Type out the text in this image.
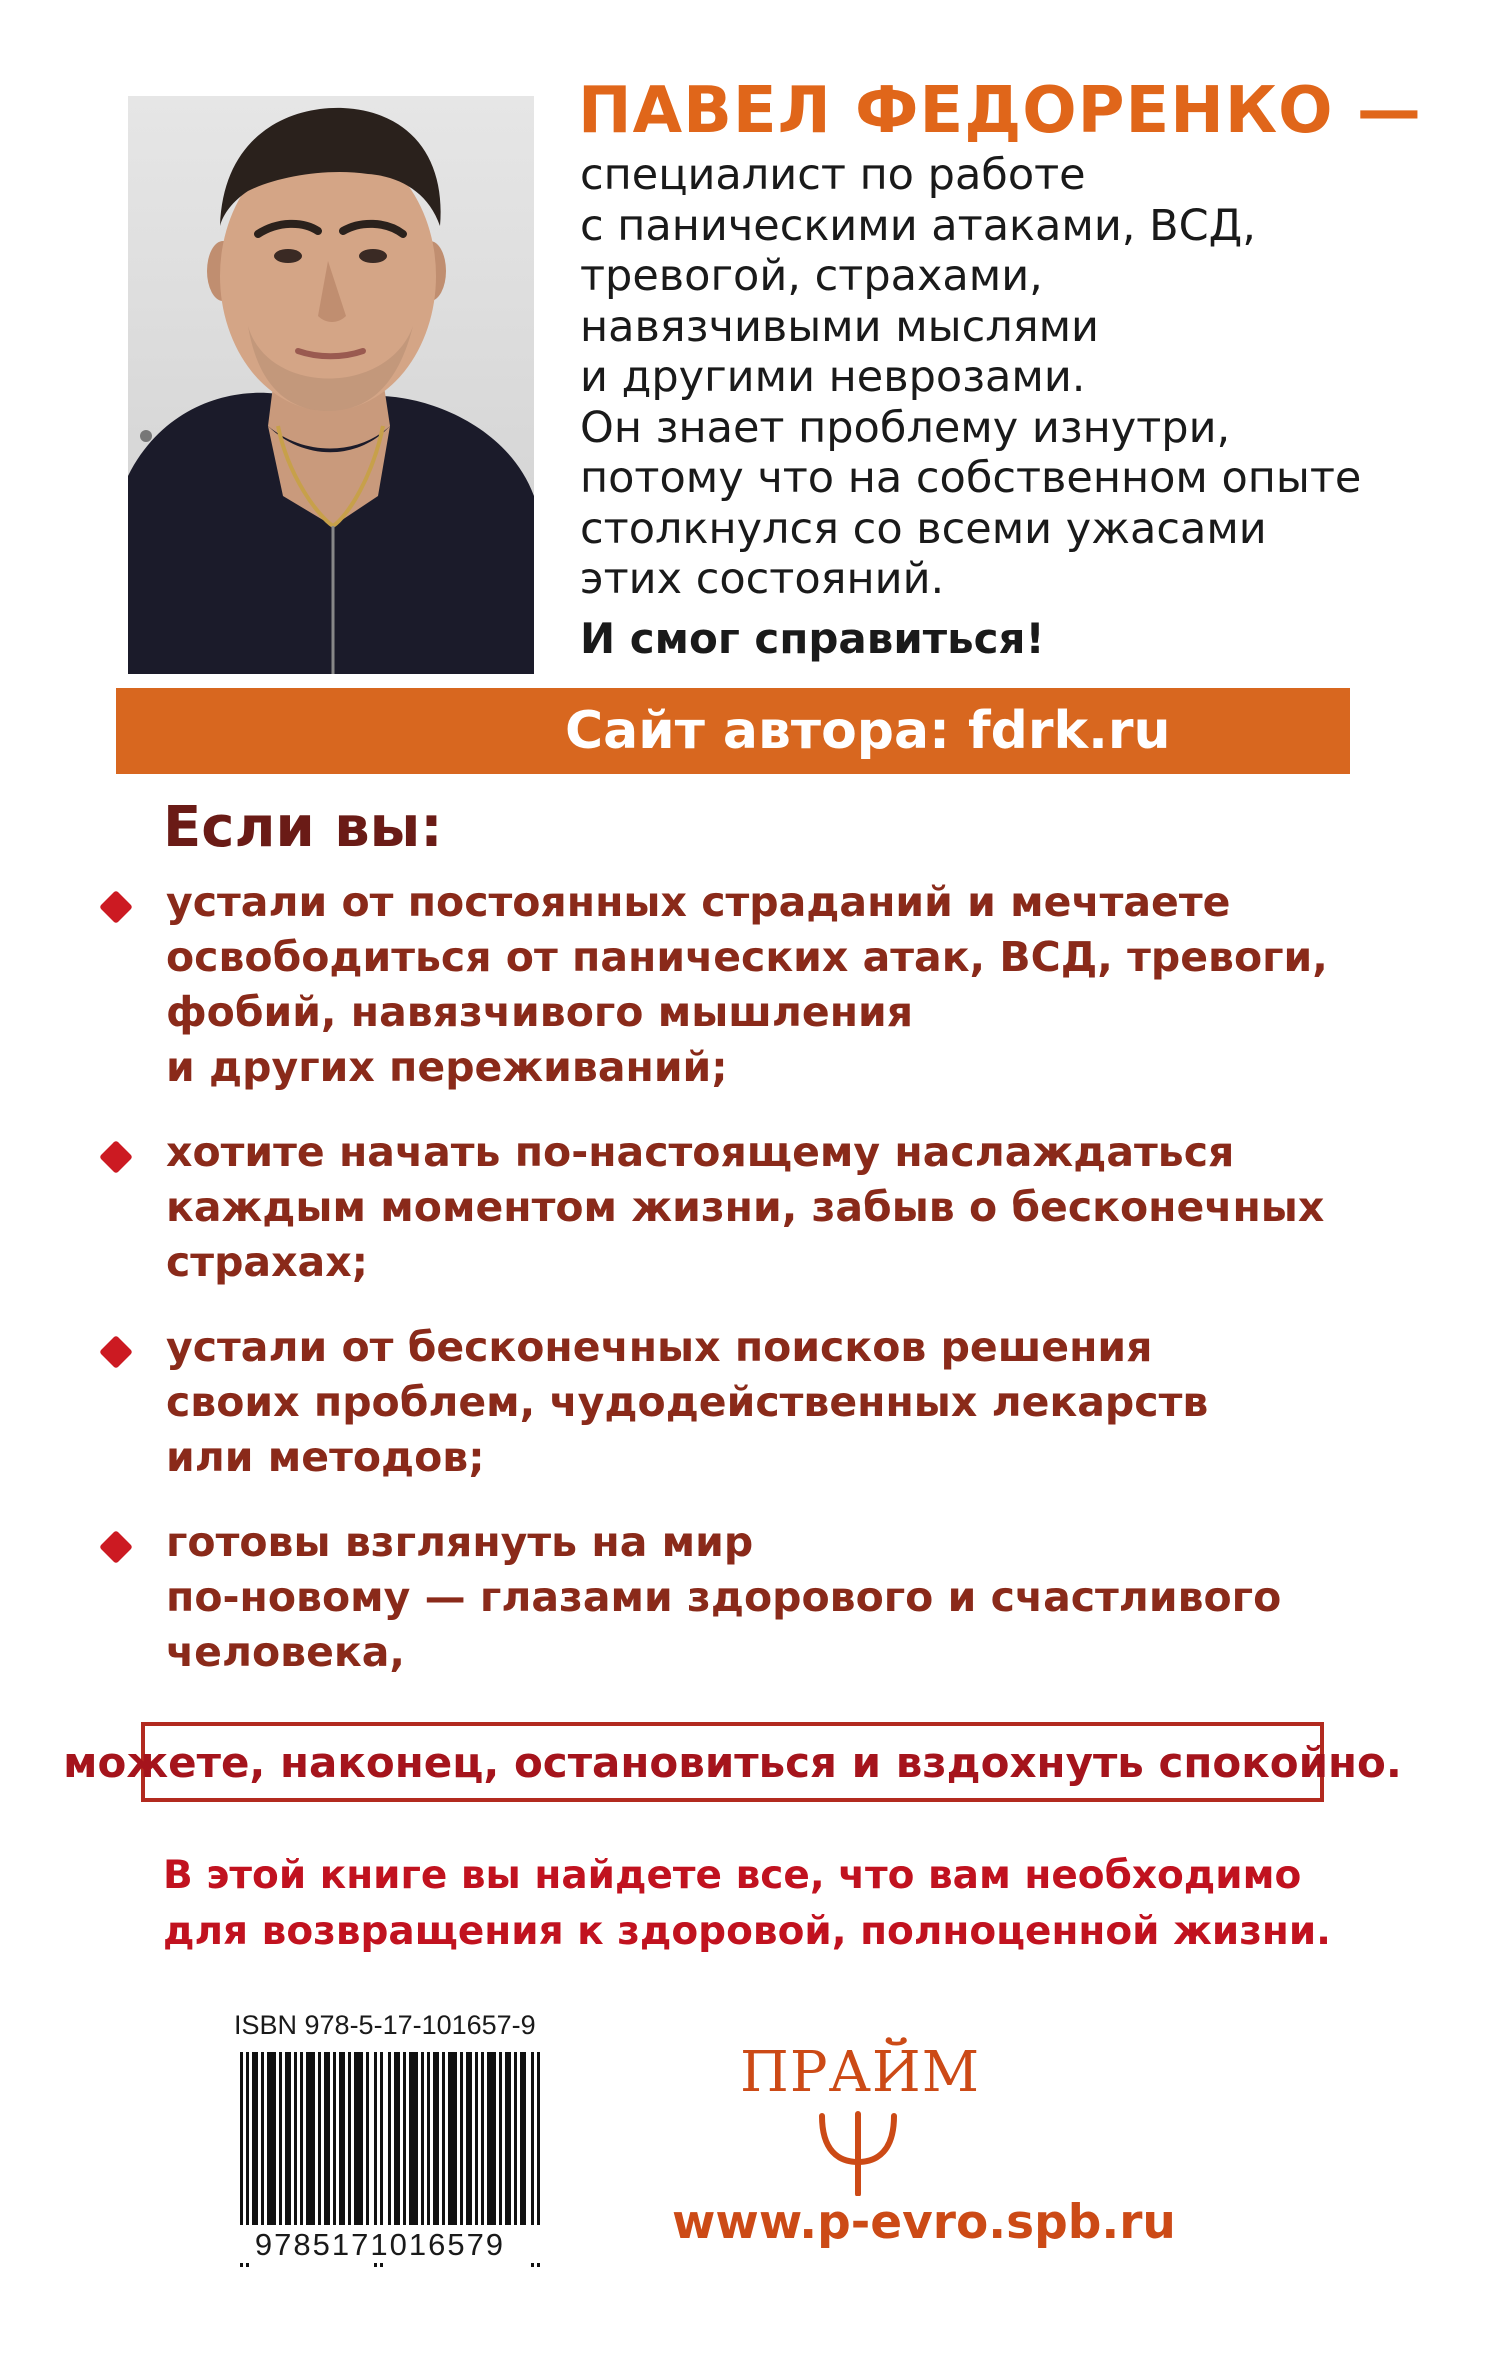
ПАВЕЛ ФЕДОРЕНКО —
специалист по работе
с паническими атаками, ВСД,
тревогой, страхами,
навязчивыми мыслями
и другими неврозами.
Он знает проблему изнутри,
потому что на собственном опыте
столкнулся со всеми ужасами
этих состояний.

И смог справиться!

Сайт автора: fdrk.ru
Если вы:
устали от постоянных страданий и мечтаете
освободиться от панических атак, ВСД, тревоги,
фобий, навязчивого мышления
и других переживаний;
хотите начать по-настоящему наслаждаться
каждым моментом жизни, забыв о бесконечных
страхах;
устали от бесконечных поисков решения
своих проблем, чудодейственных лекарств
или методов;
готовы взглянуть на мир
по-новому — глазами здорового и счастливого
человека,
можете, наконец, остановиться и вздохнуть спокойно.

В этой книге вы найдете все, что вам необходимо
для возвращения к здоровой, полноценной жизни.

ISBN 978-5-17-101657-9
9785171016579
ПРАЙМ
www.p-evro.spb.ru
